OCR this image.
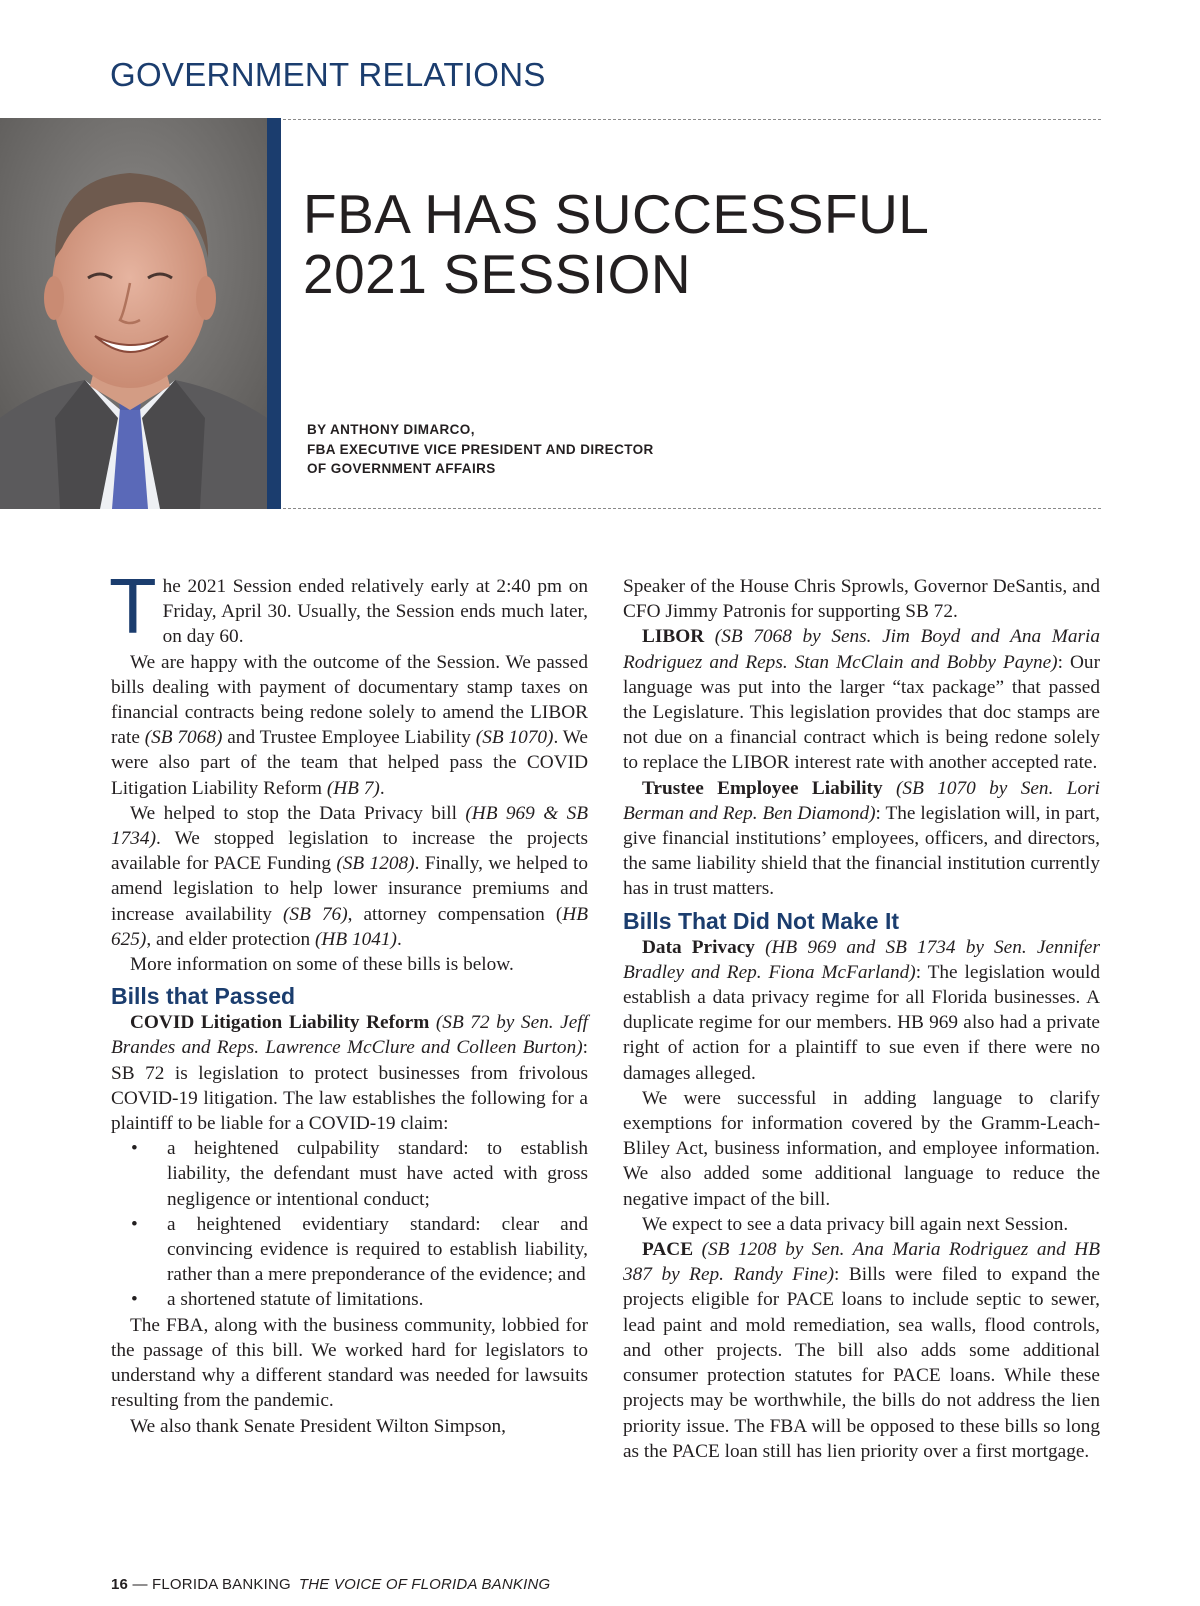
GOVERNMENT RELATIONS
FBA HAS SUCCESSFUL
2021 SESSION
BY ANTHONY DIMARCO,
FBA EXECUTIVE VICE PRESIDENT AND DIRECTOR
OF GOVERNMENT AFFAIRS

The 2021 Session ended relatively early at 2:40 pm on Friday, April 30. Usually, the Session ends much later, on day 60.

We are happy with the outcome of the Session. We passed bills dealing with payment of documentary stamp taxes on financial contracts being redone solely to amend the LIBOR rate (SB 7068) and Trustee Employee Liability (SB 1070). We were also part of the team that helped pass the COVID Litigation Liability Reform (HB 7).

We helped to stop the Data Privacy bill (HB 969 & SB 1734). We stopped legislation to increase the projects available for PACE Funding (SB 1208). Finally, we helped to amend legislation to help lower insurance premiums and increase availability (SB 76), attorney compensation (HB 625), and elder protection (HB 1041).

More information on some of these bills is below.

Bills that Passed

COVID Litigation Liability Reform (SB 72 by Sen. Jeff Brandes and Reps. Lawrence McClure and Colleen Burton): SB 72 is legislation to protect businesses from frivolous COVID-19 litigation. The law establishes the following for a plaintiff to be liable for a COVID-19 claim:

• a heightened culpability standard: to establish liability, the defendant must have acted with gross negligence or intentional conduct;
• a heightened evidentiary standard: clear and convincing evidence is required to establish liability, rather than a mere preponderance of the evidence; and
• a shortened statute of limitations.

The FBA, along with the business community, lobbied for the passage of this bill. We worked hard for legislators to understand why a different standard was needed for lawsuits resulting from the pandemic.

We also thank Senate President Wilton Simpson,

Speaker of the House Chris Sprowls, Governor DeSantis, and CFO Jimmy Patronis for supporting SB 72.

LIBOR (SB 7068 by Sens. Jim Boyd and Ana Maria Rodriguez and Reps. Stan McClain and Bobby Payne): Our language was put into the larger “tax package” that passed the Legislature. This legislation provides that doc stamps are not due on a financial contract which is being redone solely to replace the LIBOR interest rate with another accepted rate.

Trustee Employee Liability (SB 1070 by Sen. Lori Berman and Rep. Ben Diamond): The legislation will, in part, give financial institutions’ employees, officers, and directors, the same liability shield that the financial institution currently has in trust matters.

Bills That Did Not Make It

Data Privacy (HB 969 and SB 1734 by Sen. Jennifer Bradley and Rep. Fiona McFarland): The legislation would establish a data privacy regime for all Florida businesses. A duplicate regime for our members. HB 969 also had a private right of action for a plaintiff to sue even if there were no damages alleged.

We were successful in adding language to clarify exemptions for information covered by the Gramm-Leach-Bliley Act, business information, and employee information. We also added some additional language to reduce the negative impact of the bill.

We expect to see a data privacy bill again next Session.

PACE (SB 1208 by Sen. Ana Maria Rodriguez and HB 387 by Rep. Randy Fine): Bills were filed to expand the projects eligible for PACE loans to include septic to sewer, lead paint and mold remediation, sea walls, flood controls, and other projects. The bill also adds some additional consumer protection statutes for PACE loans. While these projects may be worthwhile, the bills do not address the lien priority issue. The FBA will be opposed to these bills so long as the PACE loan still has lien priority over a first mortgage.

16 — FLORIDA BANKING THE VOICE OF FLORIDA BANKING
